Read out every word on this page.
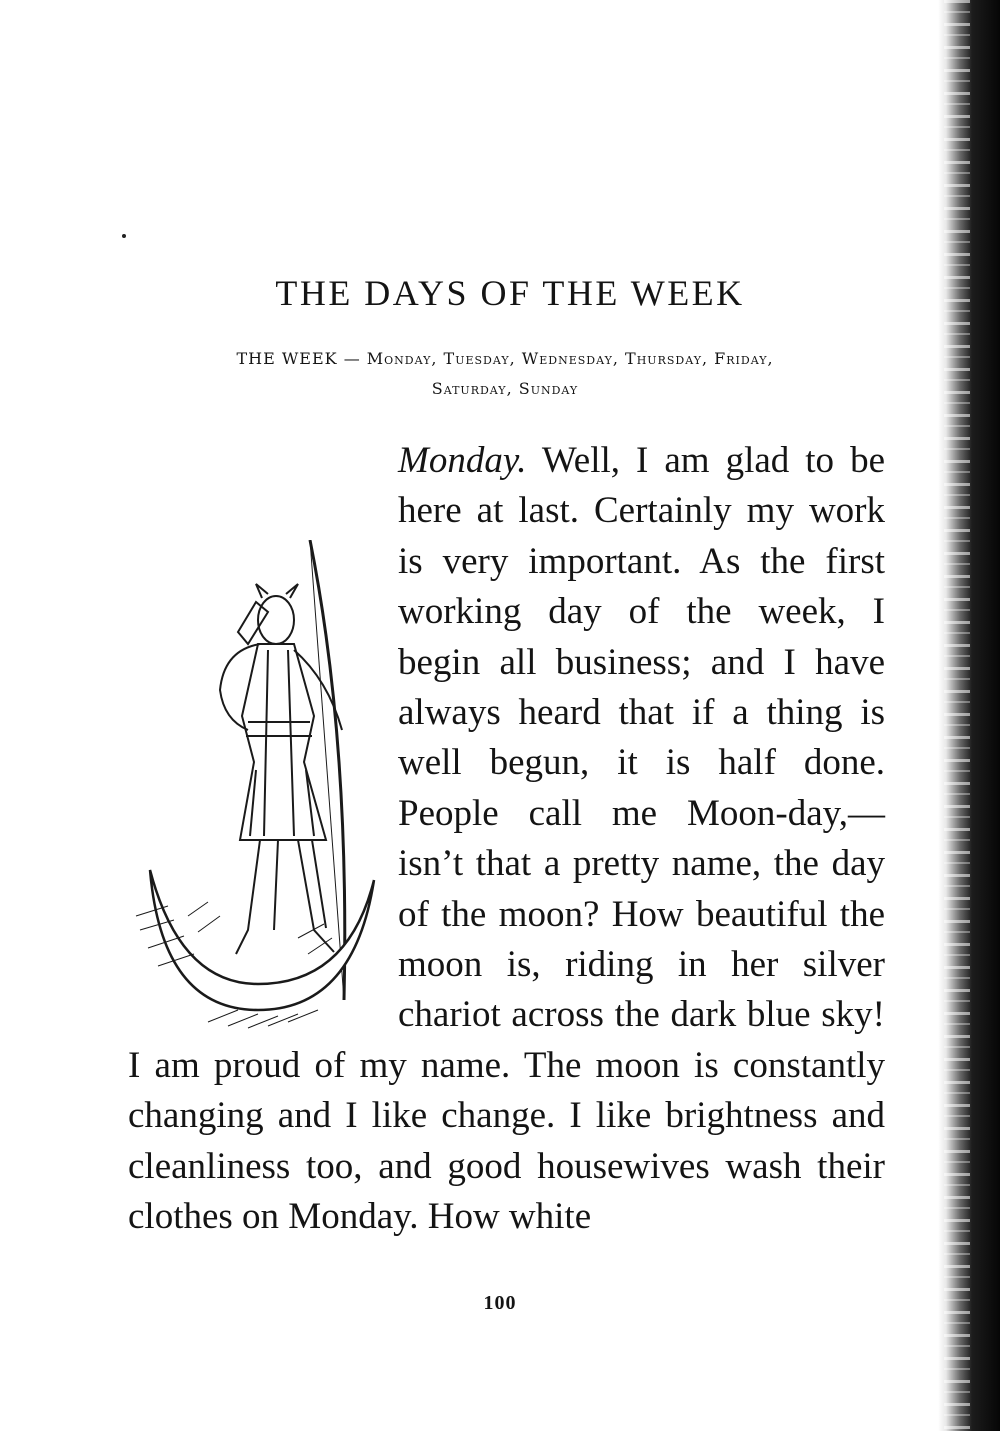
THE DAYS OF THE WEEK
THE WEEK — Monday, Tuesday, Wednesday, Thursday, Friday,
Saturday, Sunday
Monday. Well, I am glad to be here at last. Certainly my work is very important. As the first working day of the week, I begin all business; and I have always heard that if a thing is well begun, it is half done. People call me Moon-day,— isn’t that a pretty name, the day of the moon? How beautiful the moon is, riding in her silver chariot across the dark blue sky! I am proud of my name. The moon is constantly changing and I like change. I like brightness and cleanliness too, and good housewives wash their clothes on Monday. How white
100
